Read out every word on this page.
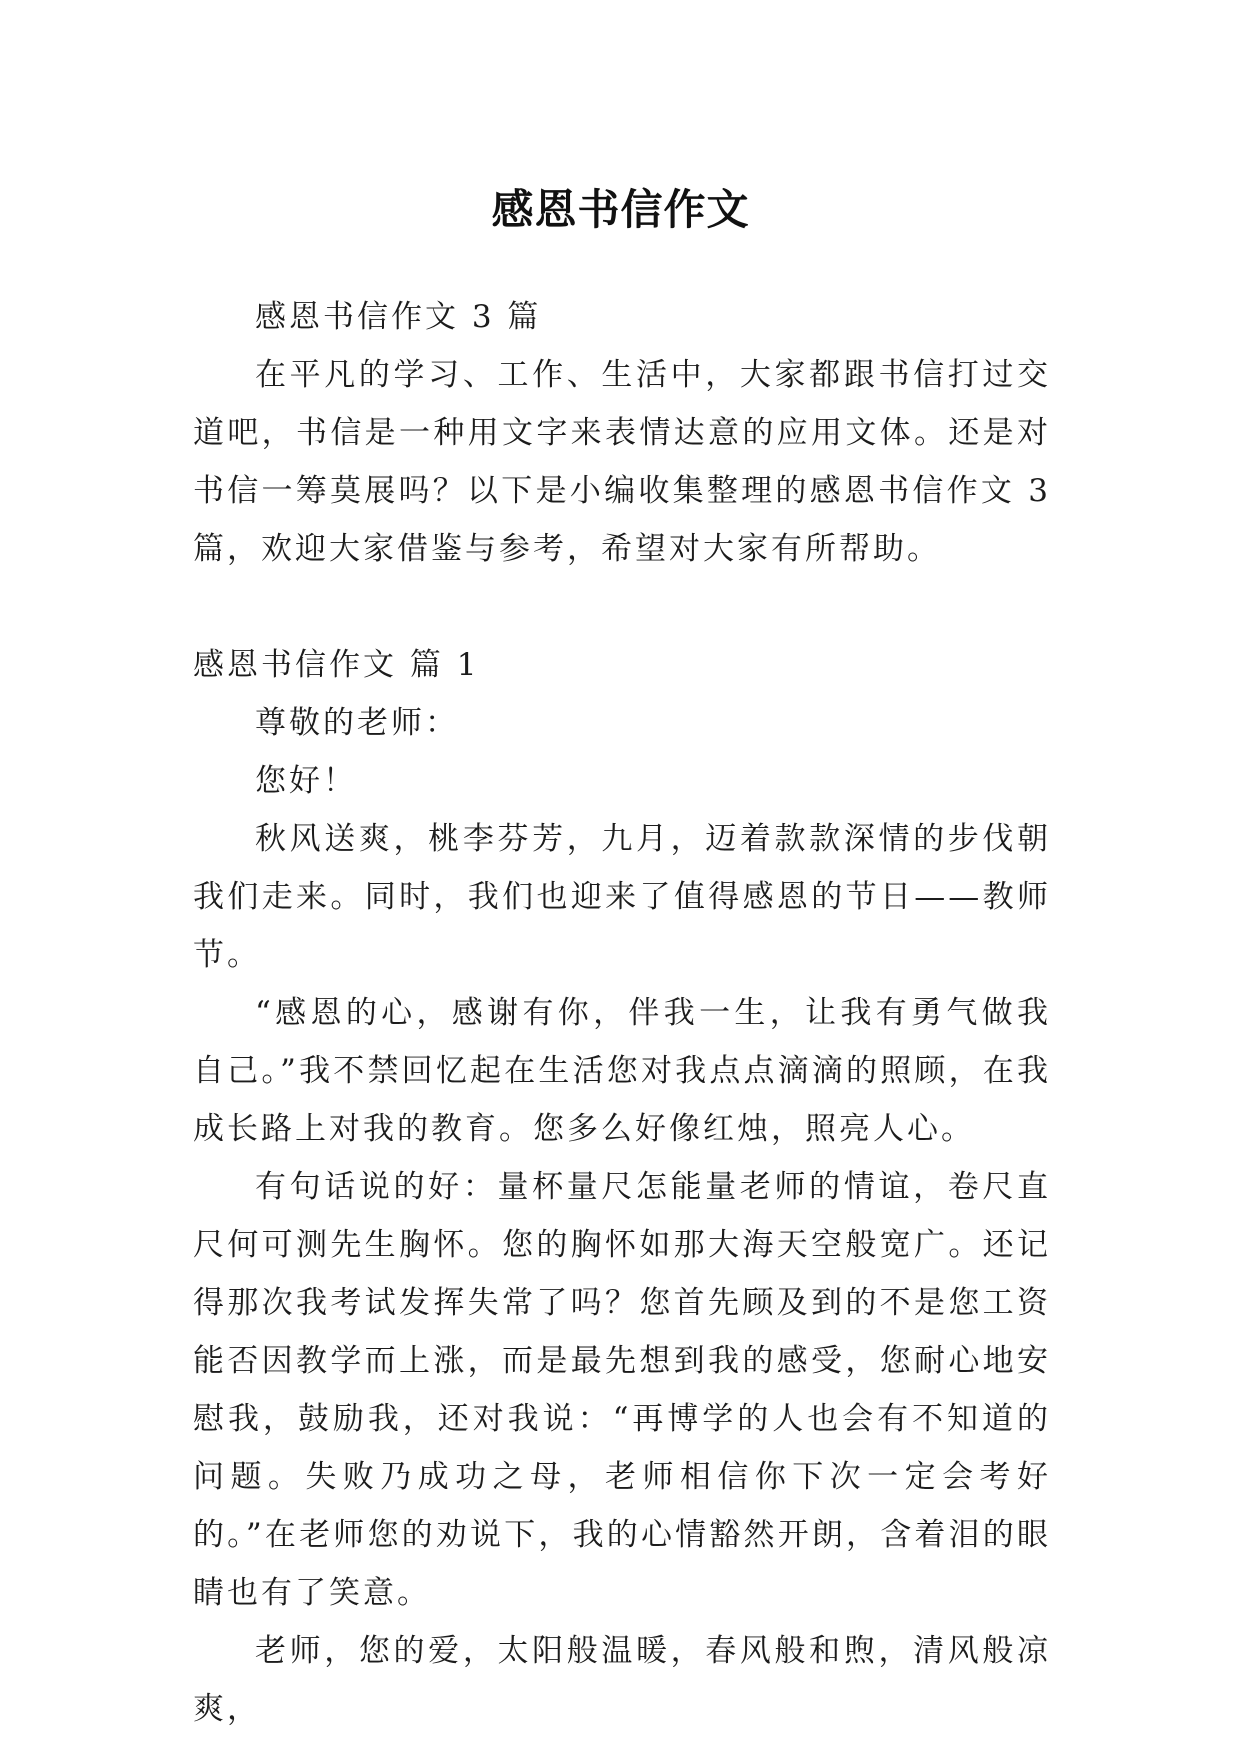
感恩书信作文

感恩书信作文 3 篇

在平凡的学习、工作、生活中，大家都跟书信打过交道吧，书信是一种用文字来表情达意的应用文体。还是对书信一筹莫展吗？以下是小编收集整理的感恩书信作文 3 篇，欢迎大家借鉴与参考，希望对大家有所帮助。

感恩书信作文 篇 1

尊敬的老师：

您好！

秋风送爽，桃李芬芳，九月，迈着款款深情的步伐朝我们走来。同时，我们也迎来了值得感恩的节日——教师节。

“感恩的心，感谢有你，伴我一生，让我有勇气做我自己。”我不禁回忆起在生活您对我点点滴滴的照顾，在我成长路上对我的教育。您多么好像红烛，照亮人心。

有句话说的好：量杯量尺怎能量老师的情谊，卷尺直尺何可测先生胸怀。您的胸怀如那大海天空般宽广。还记得那次我考试发挥失常了吗？您首先顾及到的不是您工资能否因教学而上涨，而是最先想到我的感受，您耐心地安慰我，鼓励我，还对我说：“再博学的人也会有不知道的问题。失败乃成功之母，老师相信你下次一定会考好的。”在老师您的劝说下，我的心情豁然开朗，含着泪的眼睛也有了笑意。

老师，您的爱，太阳般温暖，春风般和煦，清风般凉爽，
